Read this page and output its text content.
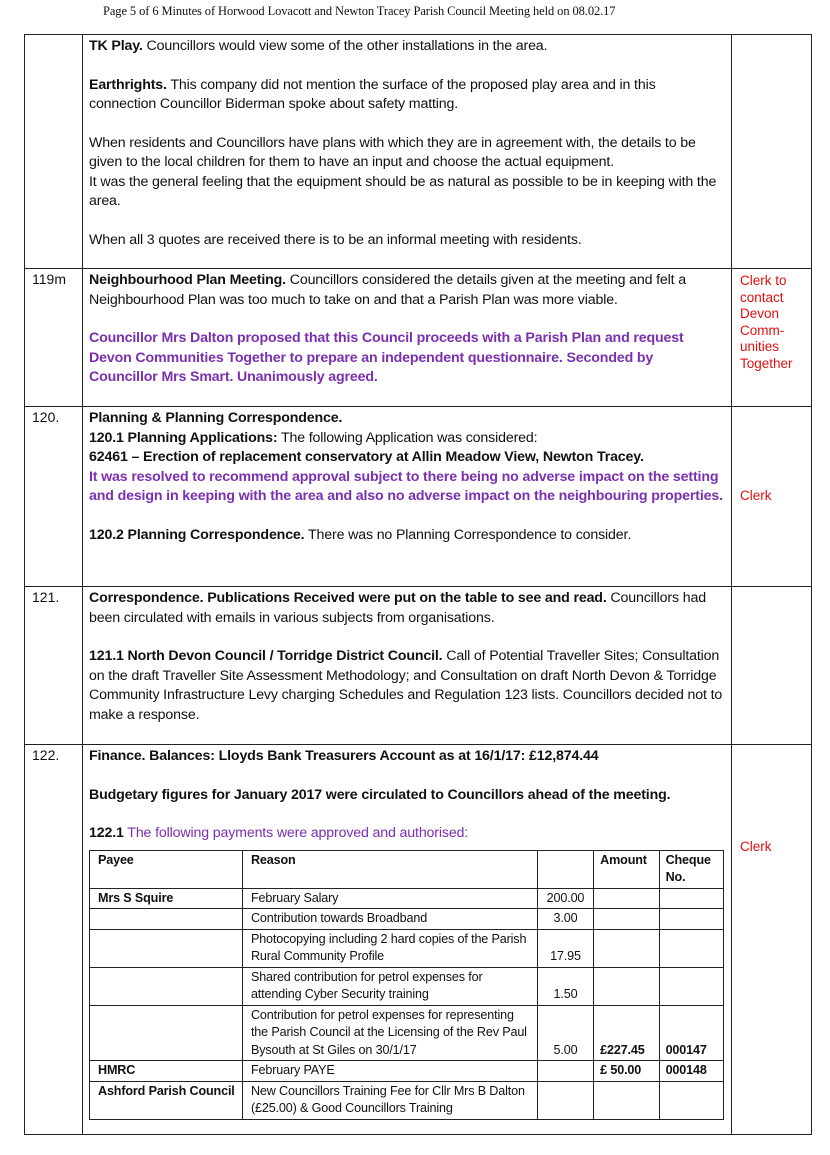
Page 5 of 6 Minutes of Horwood Lovacott and Newton Tracey Parish Council Meeting held on 08.02.17

TK Play. Councillors would view some of the other installations in the area.

Earthrights. This company did not mention the surface of the proposed play area and in this connection Councillor Biderman spoke about safety matting.

When residents and Councillors have plans with which they are in agreement with, the details to be given to the local children for them to have an input and choose the actual equipment.

It was the general feeling that the equipment should be as natural as possible to be in keeping with the area.

When all 3 quotes are received there is to be an informal meeting with residents.

119m	Neighbourhood Plan Meeting. Councillors considered the details given at the meeting and felt a Neighbourhood Plan was too much to take on and that a Parish Plan was more viable.

Councillor Mrs Dalton proposed that this Council proceeds with a Parish Plan and request Devon Communities Together to prepare an independent questionnaire. Seconded by Councillor Mrs Smart. Unanimously agreed.

Clerk to
contact
Devon
Comm-
unities
Together

120.	Planning & Planning Correspondence.

120.1 Planning Applications: The following Application was considered:

62461 – Erection of replacement conservatory at Allin Meadow View, Newton Tracey.

It was resolved to recommend approval subject to there being no adverse impact on the setting and design in keeping with the area and also no adverse impact on the neighbouring properties.

120.2 Planning Correspondence. There was no Planning Correspondence to consider.

Clerk

121.	Correspondence. Publications Received were put on the table to see and read. Councillors had been circulated with emails in various subjects from organisations.

121.1 North Devon Council / Torridge District Council. Call of Potential Traveller Sites; Consultation on the draft Traveller Site Assessment Methodology; and Consultation on draft North Devon & Torridge Community Infrastructure Levy charging Schedules and Regulation 123 lists. Councillors decided not to make a response.

122.	Finance. Balances: Lloyds Bank Treasurers Account as at 16/1/17: £12,874.44

Budgetary figures for January 2017 were circulated to Councillors ahead of the meeting.

122.1 The following payments were approved and authorised:

Payee	Reason		Amount	Cheque No.
Mrs S Squire	February Salary	200.00		
	Contribution towards Broadband	3.00		
	Photocopying including 2 hard copies of the Parish Rural Community Profile	17.95		
	Shared contribution for petrol expenses for attending Cyber Security training	1.50		
	Contribution for petrol expenses for representing the Parish Council at the Licensing of the Rev Paul Bysouth at St Giles on 30/1/17	5.00	£227.45	000147
HMRC	February PAYE		£ 50.00	000148
Ashford Parish Council	New Councillors Training Fee for Cllr Mrs B Dalton (£25.00) & Good Councillors Training			

Clerk
